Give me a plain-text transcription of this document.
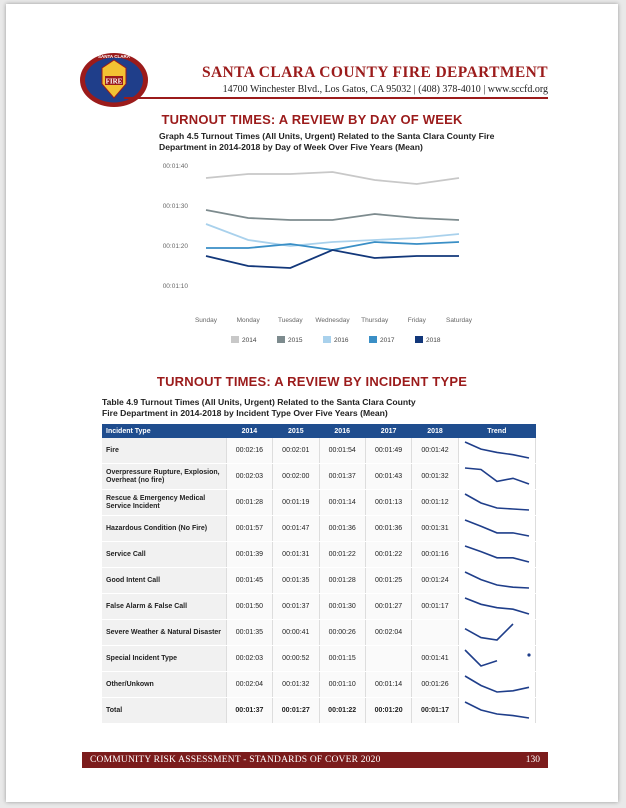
FIRE
SANTA CLARA
SANTA CLARA COUNTY FIRE DEPARTMENT
14700 Winchester Blvd., Los Gatos, CA 95032 | (408) 378-4010 | www.sccfd.org
TURNOUT TIMES: A REVIEW BY DAY OF WEEK
Graph 4.5 Turnout Times (All Units, Urgent) Related to the Santa Clara County Fire
Department in 2014-2018 by Day of Week Over Five Years (Mean)
00:01:10
00:01:20
00:01:30
00:01:40
Sunday	Monday	Tuesday Wednesday Thursday	Friday	Saturday
2014	2015	2016	2017	2018
TURNOUT TIMES: A REVIEW BY INCIDENT TYPE
Table 4.9 Turnout Times (All Units, Urgent) Related to the Santa Clara County
Fire Department in 2014-2018 by Incident Type Over Five Years (Mean)
Incident Type	2014	2015	2016	2017	2018	Trend
Fire	00:02:16	00:02:01	00:01:54	00:01:49	00:01:42	
Overpressure Rupture, Explosion, Overheat (no fire)	00:02:03	00:02:00	00:01:37	00:01:43	00:01:32	
Rescue & Emergency Medical Service Incident	00:01:28	00:01:19	00:01:14	00:01:13	00:01:12	
Hazardous Condition (No Fire)	00:01:57	00:01:47	00:01:36	00:01:36	00:01:31	
Service Call	00:01:39	00:01:31	00:01:22	00:01:22	00:01:16	
Good Intent Call	00:01:45	00:01:35	00:01:28	00:01:25	00:01:24	
False Alarm & False Call	00:01:50	00:01:37	00:01:30	00:01:27	00:01:17	
Severe Weather & Natural Disaster	00:01:35	00:00:41	00:00:26	00:02:04		
Special Incident Type	00:02:03	00:00:52	00:01:15		00:01:41	
Other/Unkown	00:02:04	00:01:32	00:01:10	00:01:14	00:01:26	
Total	00:01:37	00:01:27	00:01:22	00:01:20	00:01:17	
COMMUNITY RISK ASSESSMENT - STANDARDS OF COVER 2020	130
